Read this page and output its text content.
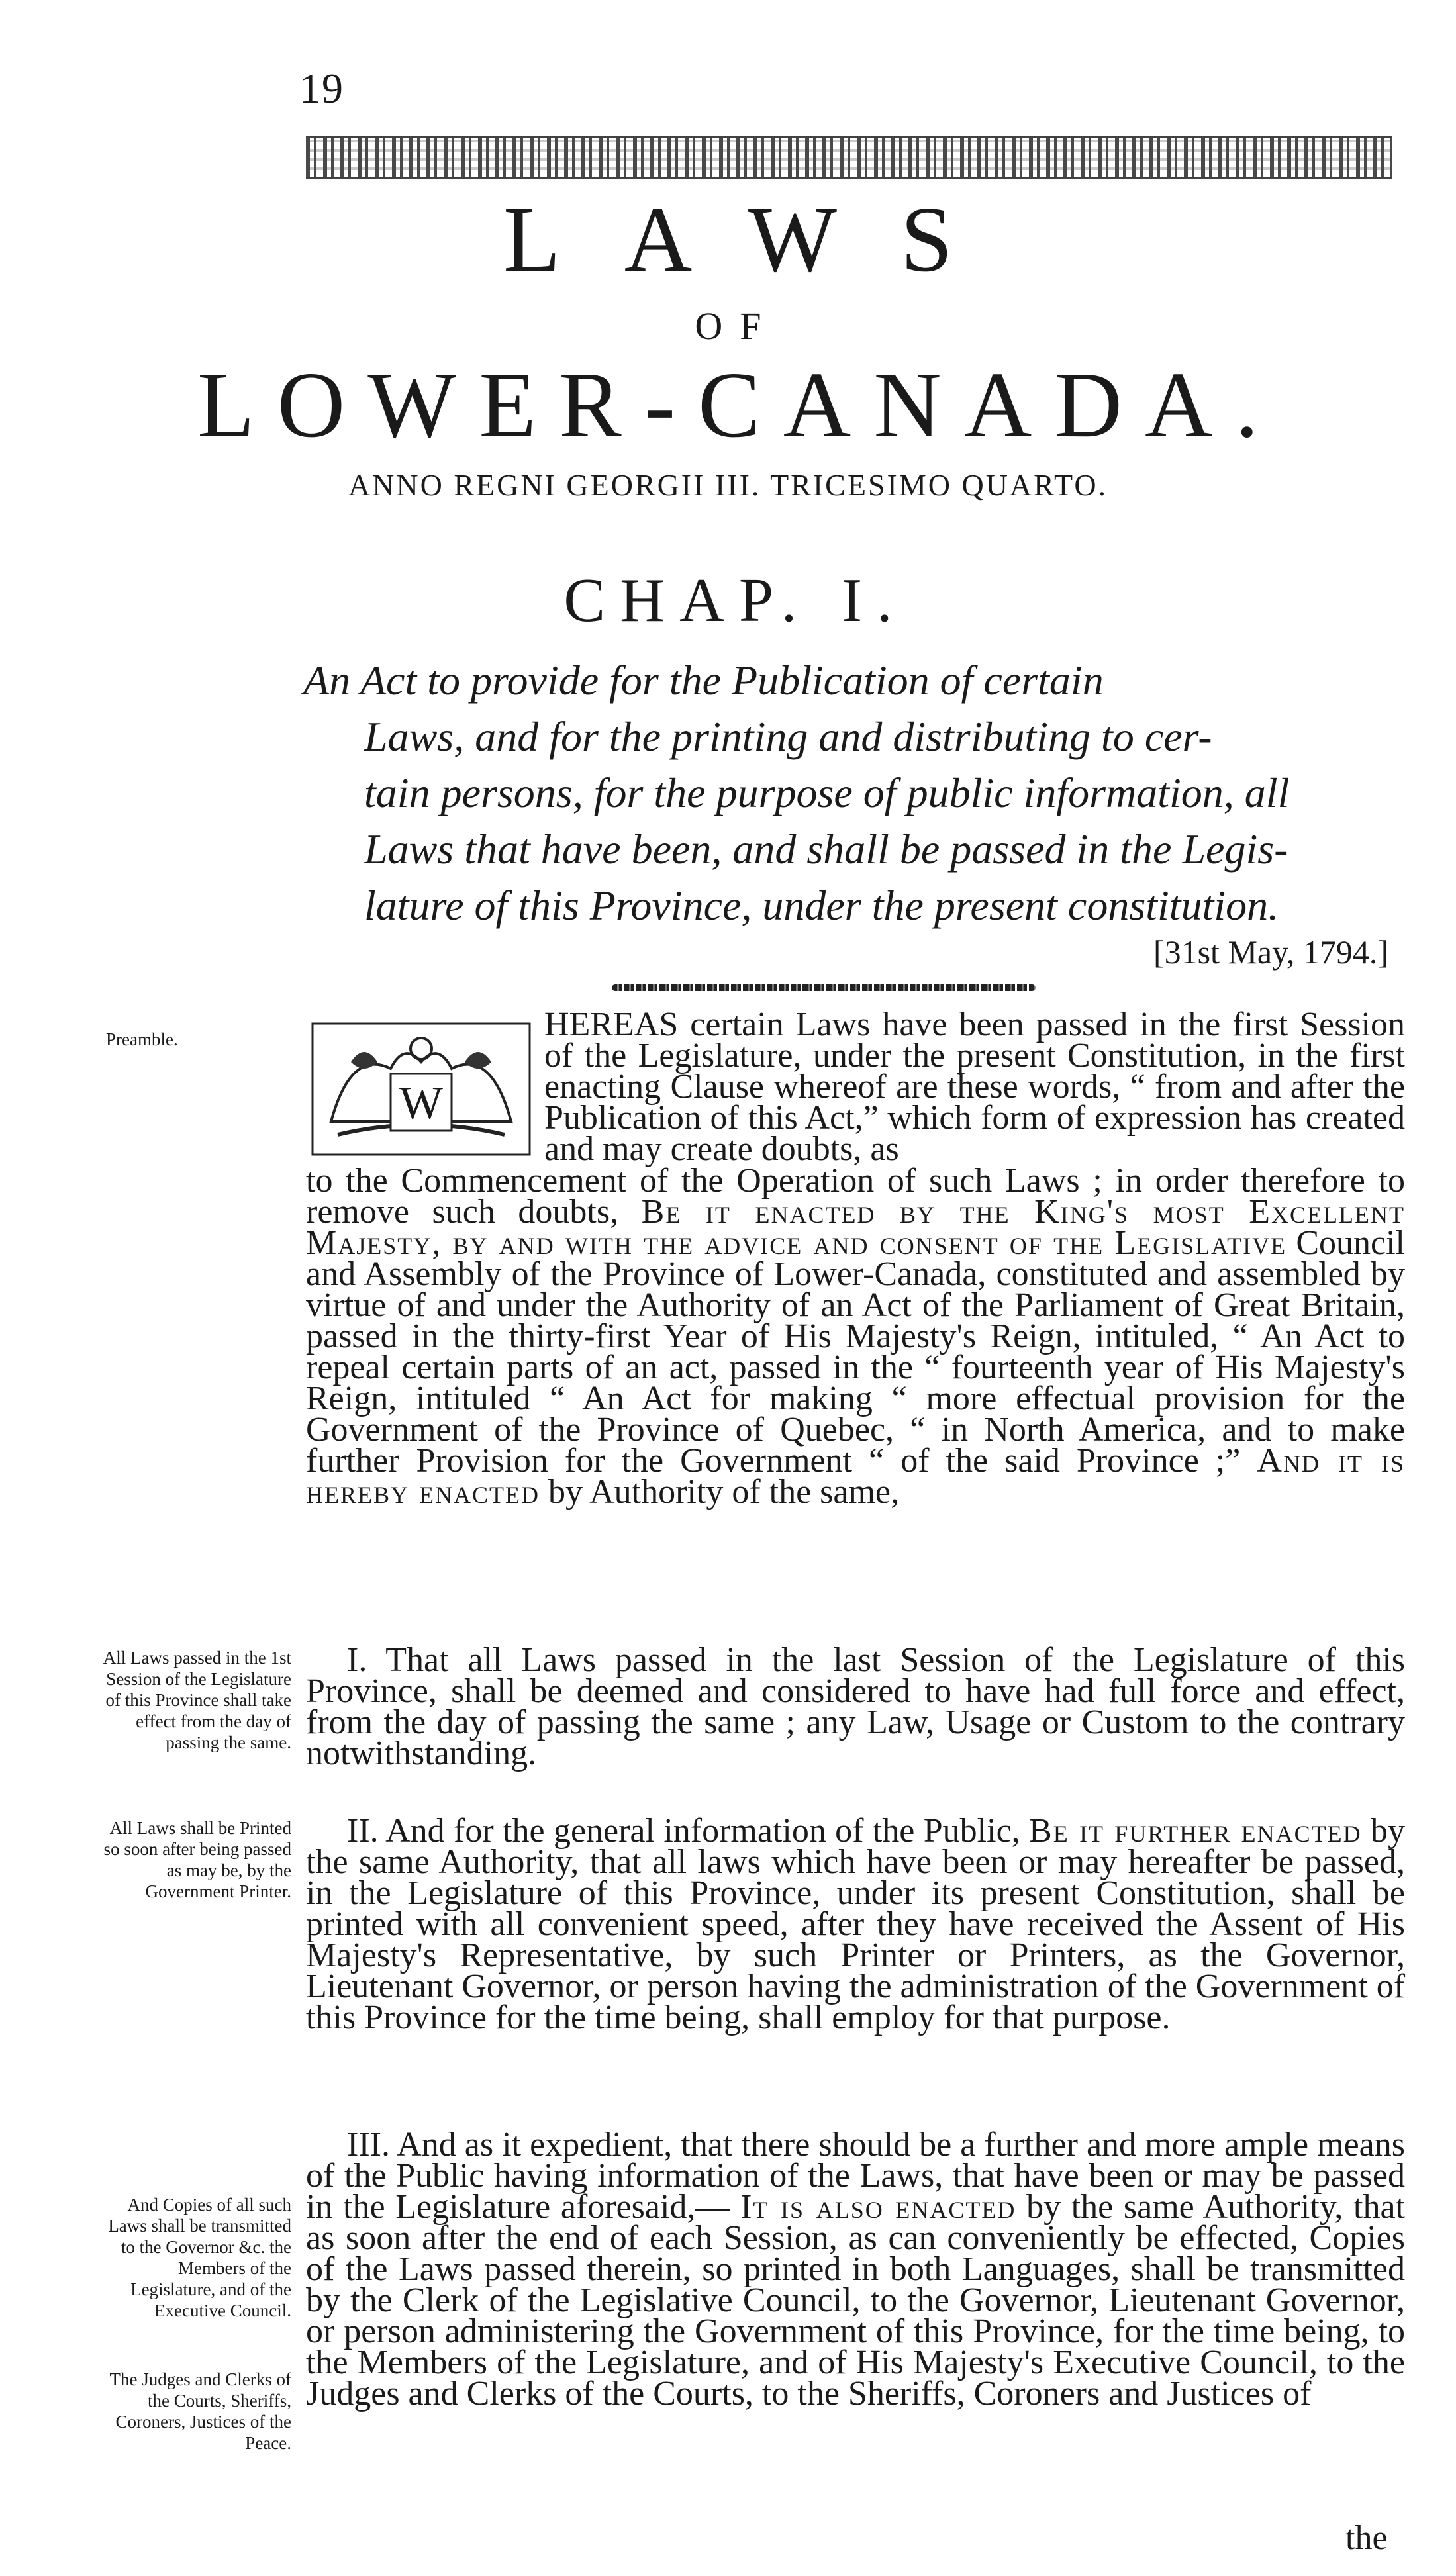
19
LAWS
OF
LOWER-CANADA.
ANNO REGNI GEORGII III. TRICESIMO QUARTO.
CHAP. I.
An Act to provide for the Publication of certain
Laws, and for the printing and distributing to cer-
tain persons, for the purpose of public information, all
Laws that have been, and shall be passed in the Legis-
lature of this Province, under the present constitution.
[31st May, 1794.]
Preamble.
W
HEREAS certain Laws have been passed in the first Session of the Legislature, under the present Constitution, in the first enacting Clause whereof are these words, “ from and after the Publication of this Act,” which form of expression has created and may create doubts, as
to the Commencement of the Operation of such Laws ; in order therefore to remove such doubts, Be it enacted by the King's most Excellent Majesty, by and with the advice and consent of the Legislative Council and Assembly of the Province of Lower-Canada, constituted and assembled by virtue of and under the Authority of an Act of the Parliament of Great Britain, passed in the thirty-first Year of His Majesty's Reign, intituled, “ An Act to repeal certain parts of an act, passed in the “ fourteenth year of His Majesty's Reign, intituled “ An Act for making “ more effectual provision for the Government of the Province of Quebec, “ in North America, and to make further Provision for the Government “ of the said Province ;” And it is hereby enacted by Authority of the same,
All Laws passed in the 1st Session of the Legislature of this Province shall take effect from the day of passing the same.
I. That all Laws passed in the last Session of the Legislature of this Province, shall be deemed and considered to have had full force and effect, from the day of passing the same ; any Law, Usage or Custom to the contrary notwithstanding.
All Laws shall be Printed so soon after being passed as may be, by the Government Printer.
II. And for the general information of the Public, Be it further enacted by the same Authority, that all laws which have been or may hereafter be passed, in the Legislature of this Province, under its present Constitution, shall be printed with all convenient speed, after they have received the Assent of His Majesty's Representative, by such Printer or Printers, as the Governor, Lieutenant Governor, or person having the administration of the Government of this Province for the time being, shall employ for that purpose.
And Copies of all such Laws shall be transmitted to the Governor &c. the Members of the Legislature, and of the Executive Council.
The Judges and Clerks of the Courts, Sheriffs, Coroners, Justices of the Peace.
III. And as it expedient, that there should be a further and more ample means of the Public having information of the Laws, that have been or may be passed in the Legislature aforesaid,— It is also enacted by the same Authority, that as soon after the end of each Session, as can conveniently be effected, Copies of the Laws passed therein, so printed in both Languages, shall be transmitted by the Clerk of the Legislative Council, to the Governor, Lieutenant Governor, or person administering the Government of this Province, for the time being, to the Members of the Legislature, and of His Majesty's Executive Council, to the Judges and Clerks of the Courts, to the Sheriffs, Coroners and Justices of
the
